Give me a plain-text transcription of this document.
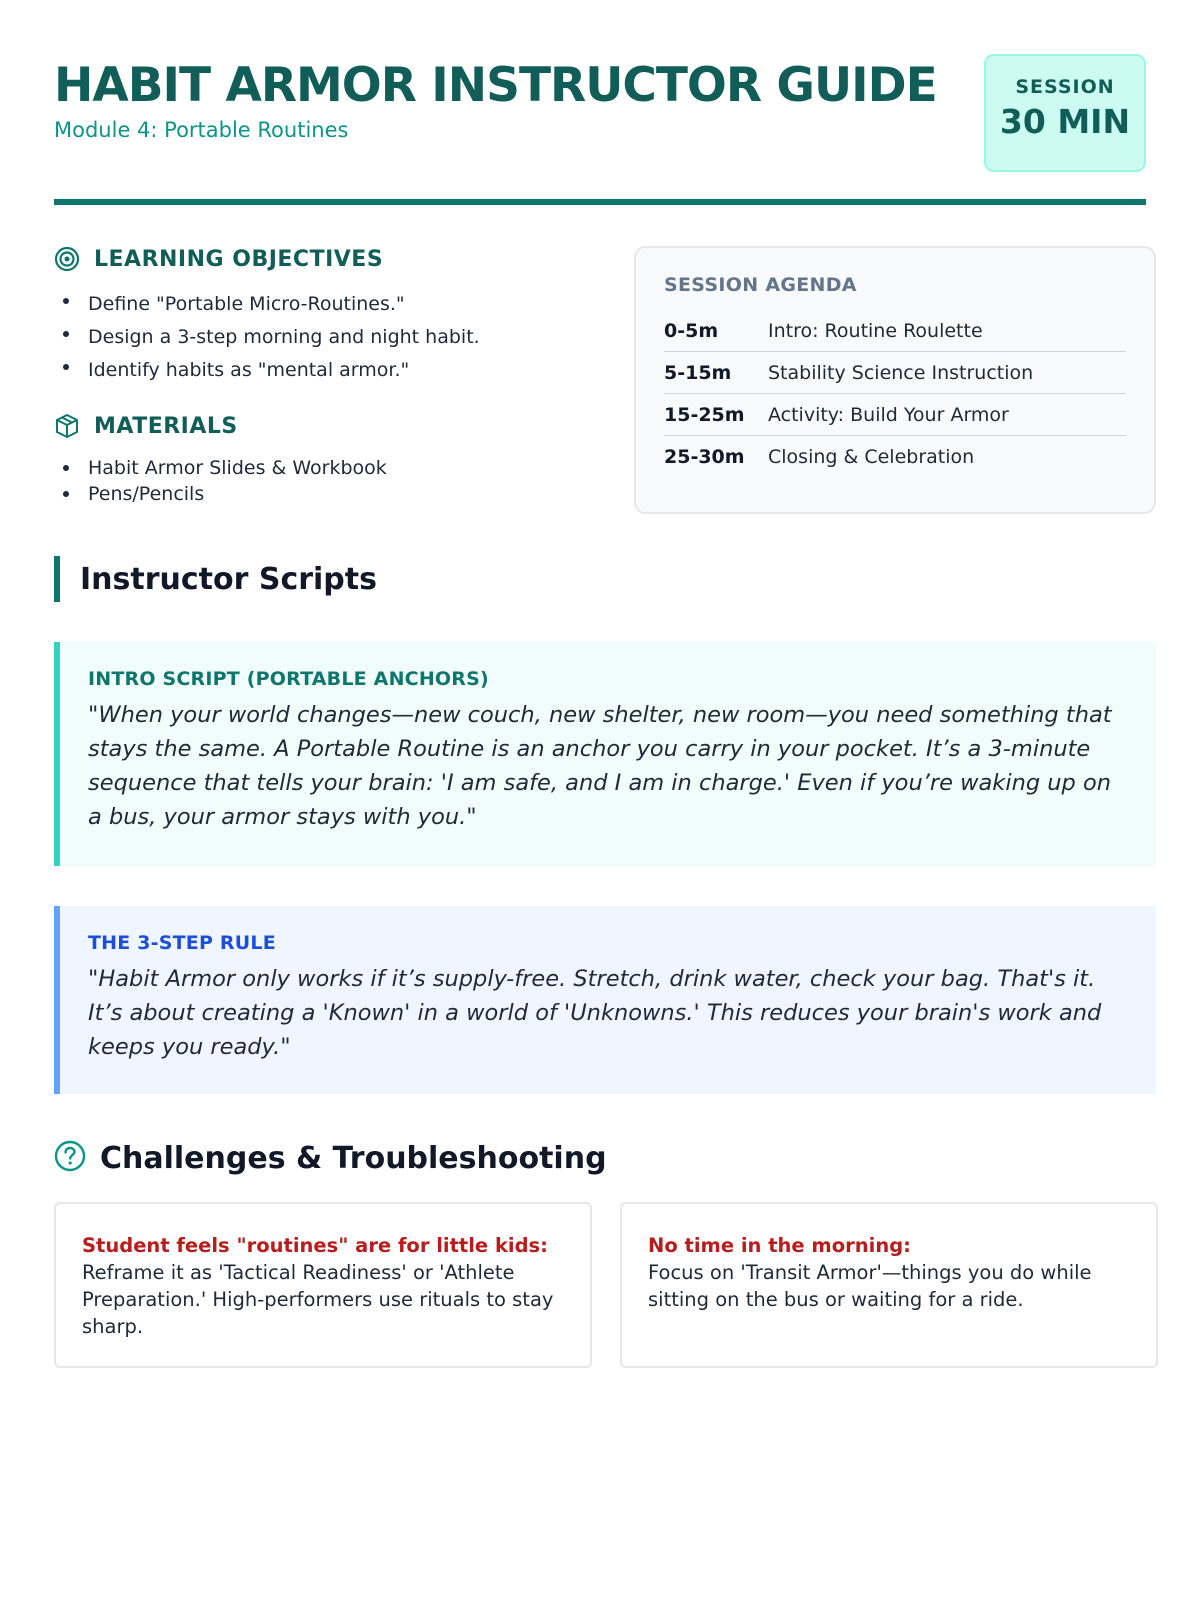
HABIT ARMOR INSTRUCTOR GUIDE
Module 4: Portable Routines
SESSION
30 MIN
LEARNING OBJECTIVES
Define "Portable Micro-Routines."
Design a 3-step morning and night habit.
Identify habits as "mental armor."
MATERIALS
Habit Armor Slides & Workbook
Pens/Pencils
SESSION AGENDA
0-5m	Intro: Routine Roulette
5-15m	Stability Science Instruction
15-25m	Activity: Build Your Armor
25-30m	Closing & Celebration
Instructor Scripts
INTRO SCRIPT (PORTABLE ANCHORS)

"When your world changes—new couch, new shelter, new room—you need something that stays the same. A Portable Routine is an anchor you carry in your pocket. It’s a 3-minute sequence that tells your brain: 'I am safe, and I am in charge.' Even if you’re waking up on a bus, your armor stays with you."

THE 3-STEP RULE

"Habit Armor only works if it’s supply-free. Stretch, drink water, check your bag. That's it. It’s about creating a 'Known' in a world of 'Unknowns.' This reduces your brain's work and keeps you ready."

Challenges & Troubleshooting
Student feels "routines" are for little kids:
Reframe it as 'Tactical Readiness' or 'Athlete Preparation.' High-performers use rituals to stay sharp.
No time in the morning:
Focus on 'Transit Armor'—things you do while sitting on the bus or waiting for a ride.
